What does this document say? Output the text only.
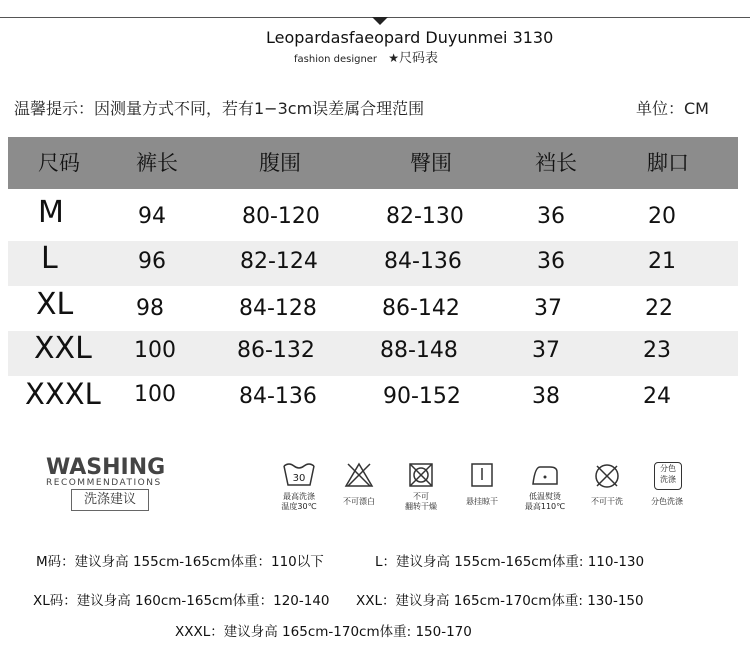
Leopardasfaeopard Duyunmei 3130
fashion designer ★尺码表
温馨提示：因测量方式不同，若有1−3cm误差属合理范围	单位：CM
尺码	裤长	腹围	臀围	裆长	脚口
M	94	80-120	82-130	36	20
L	96	82-124	84-136	36	21
XL	98	84-128	86-142	37	22
XXL 100	86-132	88-148	37	23
XXXL 100	84-136	90-152	38	24
WASHING
RECOMMENDATIONS
洗涤建议
30
分色
洗涤
最高洗涤
温度30℃
不可漂白
不可
翻转干燥
悬挂晾干
低温熨烫
最高110℃
不可干洗	分色洗涤
M码：建议身高 155cm-165cm体重：110以下	L：建议身高 155cm-165cm体重: 110-130
XL码：建议身高 160cm-165cm体重：120-140 XXL：建议身高 165cm-170cm体重: 130-150
XXXL：建议身高 165cm-170cm体重: 150-170
